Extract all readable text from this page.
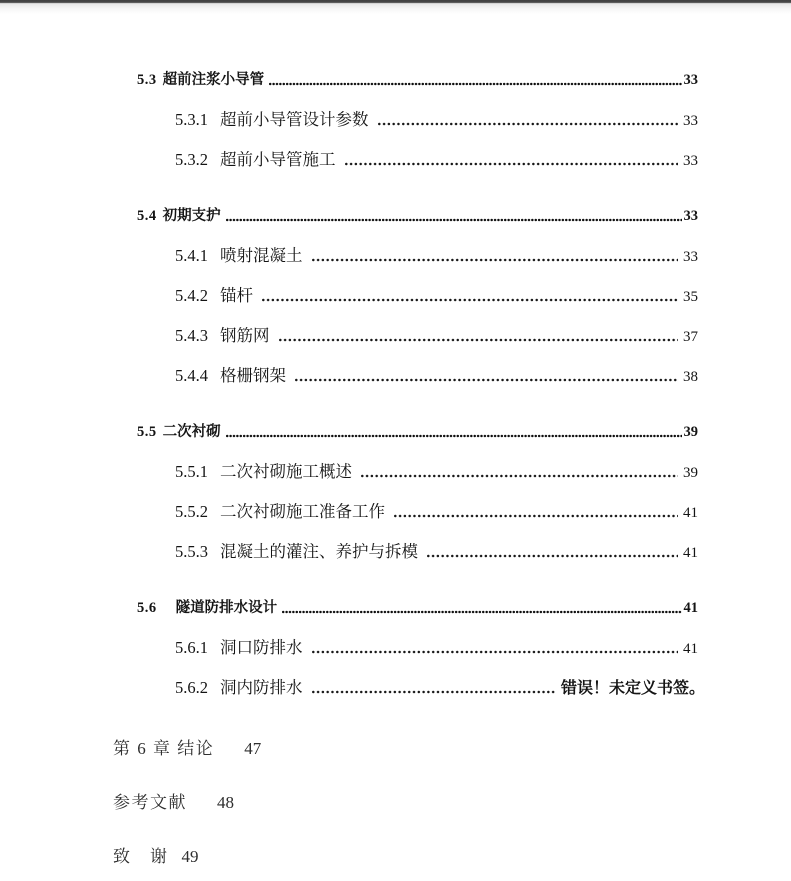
5.3 超前注浆小导管	33
5.3.1 超前小导管设计参数	33
5.3.2 超前小导管施工	33
5.4 初期支护	33
5.4.1 喷射混凝土	33
5.4.2 锚杆	35
5.4.3 钢筋网	37
5.4.4 格栅钢架	38
5.5 二次衬砌	39
5.5.1 二次衬砌施工概述	39
5.5.2 二次衬砌施工准备工作	41
5.5.3 混凝土的灌注、养护与拆模	41
5.6 隧道防排水设计	41
5.6.1 洞口防排水	41
5.6.2 洞内防排水	错误！未定义书签。
第 6 章 结论 47
参考文献 48
致　谢 49
